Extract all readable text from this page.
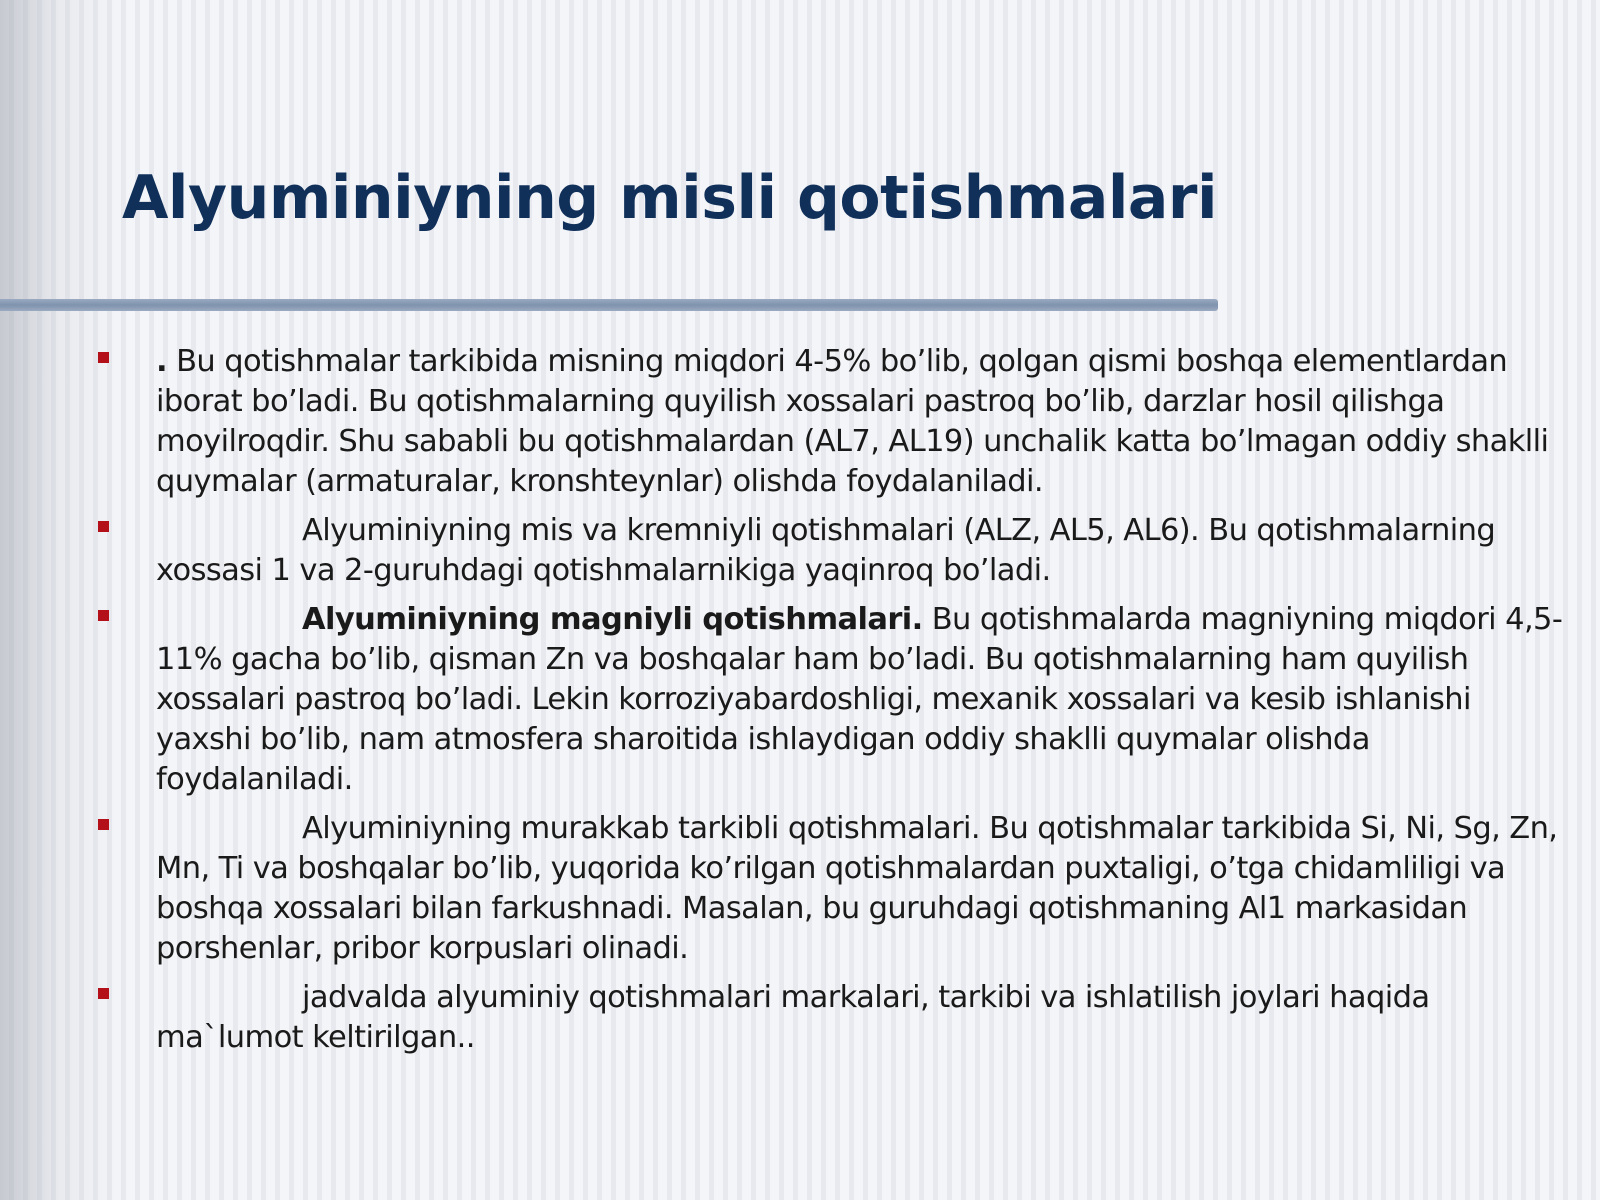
Alyuminiyning misli qotishmalari
. Bu qotishmalar tarkibida misning miqdori 4-5% bo’lib, qolgan qismi boshqa elementlardan iborat bo’ladi. Bu qotishmalarning quyilish xossalari pastroq bo’lib, darzlar hosil qilishga moyilroqdir. Shu sababli bu qotishmalardan (AL7, AL19) unchalik katta bo’lmagan oddiy shaklli quymalar (armaturalar, kronshteynlar) olishda foydalaniladi.
Alyuminiyning mis va kremniyli qotishmalari (ALZ, AL5, AL6). Bu qotishmalarning xossasi 1 va 2-guruhdagi qotishmalarnikiga yaqinroq bo’ladi.
Alyuminiyning magniyli qotishmalari. Bu qotishmalarda magniyning miqdori 4,5-11% gacha bo’lib, qisman Zn va boshqalar ham bo’ladi. Bu qotishmalarning ham quyilish xossalari pastroq bo’ladi. Lekin korroziyabardoshligi, mexanik xossalari va kesib ishlanishi yaxshi bo’lib, nam atmosfera sharoitida ishlaydigan oddiy shaklli quymalar olishda foydalaniladi.
Alyuminiyning murakkab tarkibli qotishmalari. Bu qotishmalar tarkibida Si, Ni, Sg, Zn, Mn, Ti va boshqalar bo’lib, yuqorida ko’rilgan qotishmalardan puxtaligi, o’tga chidamliligi va boshqa xossalari bilan farkushnadi. Masalan, bu guruhdagi qotishmaning Al1 markasidan porshenlar, pribor korpuslari olinadi.
jadvalda alyuminiy qotishmalari markalari, tarkibi va ishlatilish joylari haqida ma`lumot keltirilgan..
